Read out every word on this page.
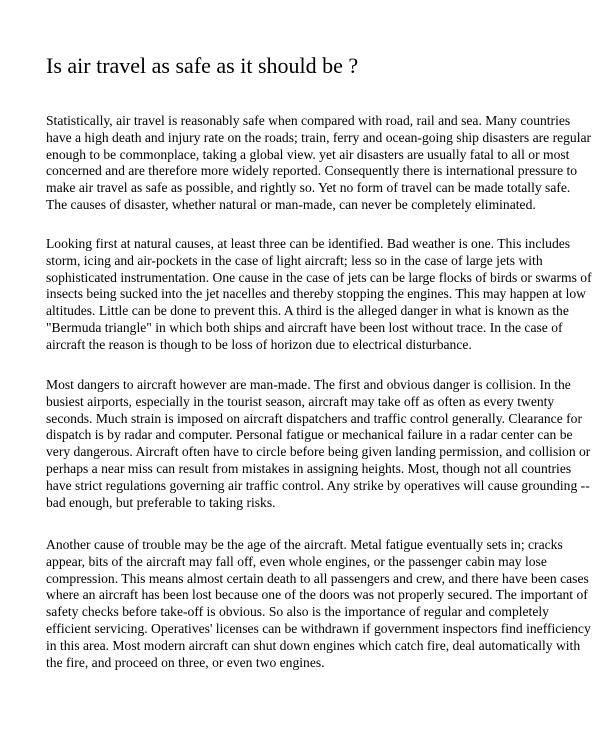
Is air travel as safe as it should be ?

Statistically, air travel is reasonably safe when compared with road, rail and sea. Many countries
have a high death and injury rate on the roads; train, ferry and ocean-going ship disasters are regular
enough to be commonplace, taking a global view. yet air disasters are usually fatal to all or most
concerned and are therefore more widely reported. Consequently there is international pressure to
make air travel as safe as possible, and rightly so. Yet no form of travel can be made totally safe.
The causes of disaster, whether natural or man-made, can never be completely eliminated.

Looking first at natural causes, at least three can be identified. Bad weather is one. This includes
storm, icing and air-pockets in the case of light aircraft; less so in the case of large jets with
sophisticated instrumentation. One cause in the case of jets can be large flocks of birds or swarms of
insects being sucked into the jet nacelles and thereby stopping the engines. This may happen at low
altitudes. Little can be done to prevent this. A third is the alleged danger in what is known as the
"Bermuda triangle" in which both ships and aircraft have been lost without trace. In the case of
aircraft the reason is though to be loss of horizon due to electrical disturbance.

Most dangers to aircraft however are man-made. The first and obvious danger is collision. In the
busiest airports, especially in the tourist season, aircraft may take off as often as every twenty
seconds. Much strain is imposed on aircraft dispatchers and traffic control generally. Clearance for
dispatch is by radar and computer. Personal fatigue or mechanical failure in a radar center can be
very dangerous. Aircraft often have to circle before being given landing permission, and collision or
perhaps a near miss can result from mistakes in assigning heights. Most, though not all countries
have strict regulations governing air traffic control. Any strike by operatives will cause grounding --
bad enough, but preferable to taking risks.

Another cause of trouble may be the age of the aircraft. Metal fatigue eventually sets in; cracks
appear, bits of the aircraft may fall off, even whole engines, or the passenger cabin may lose
compression. This means almost certain death to all passengers and crew, and there have been cases
where an aircraft has been lost because one of the doors was not properly secured. The important of
safety checks before take-off is obvious. So also is the importance of regular and completely
efficient servicing. Operatives' licenses can be withdrawn if government inspectors find inefficiency
in this area. Most modern aircraft can shut down engines which catch fire, deal automatically with
the fire, and proceed on three, or even two engines.
